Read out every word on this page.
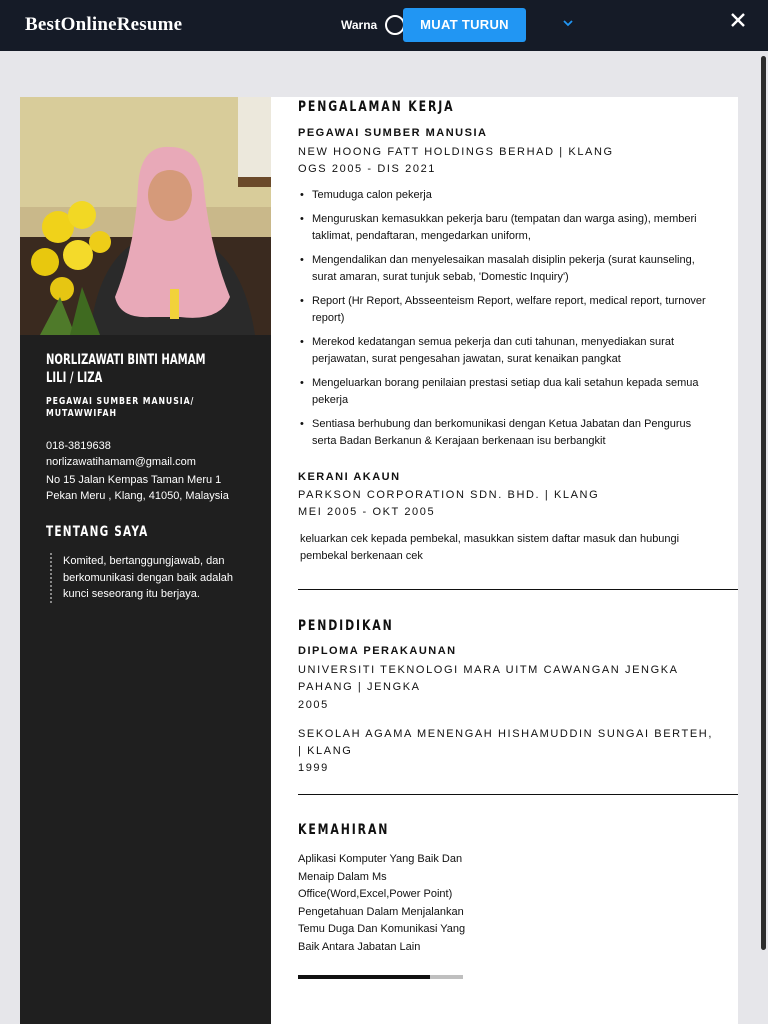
BestOnlineResume	Warna	MUAT TURUN
NORLIZAWATI BINTI HAMAM
LILI / LIZA
PEGAWAI SUMBER MANUSIA/
MUTAWWIFAH
018-3819638
norlizawatihamam@gmail.com
No 15 Jalan Kempas Taman Meru 1
Pekan Meru , Klang, 41050, Malaysia
TENTANG SAYA
Komited, bertanggungjawab, dan berkomunikasi dengan baik adalah kunci seseorang itu berjaya.
PENGALAMAN KERJA
PEGAWAI SUMBER MANUSIA
NEW HOONG FATT HOLDINGS BERHAD | KLANG
OGS 2005 - DIS 2021
• Temuduga calon pekerja
• Menguruskan kemasukkan pekerja baru (tempatan dan warga asing), memberi taklimat, pendaftaran, mengedarkan uniform,
• Mengendalikan dan menyelesaikan masalah disiplin pekerja (surat kaunseling, surat amaran, surat tunjuk sebab, 'Domestic Inquiry')
• Report (Hr Report, Absseenteism Report, welfare report, medical report, turnover report)
• Merekod kedatangan semua pekerja dan cuti tahunan, menyediakan surat perjawatan, surat pengesahan jawatan, surat kenaikan pangkat
• Mengeluarkan borang penilaian prestasi setiap dua kali setahun kepada semua pekerja
• Sentiasa berhubung dan berkomunikasi dengan Ketua Jabatan dan Pengurus serta Badan Berkanun & Kerajaan berkenaan isu berbangkit
KERANI AKAUN
PARKSON CORPORATION SDN. BHD. | KLANG
MEI 2005 - OKT 2005
keluarkan cek kepada pembekal, masukkan sistem daftar masuk dan hubungi pembekal berkenaan cek
PENDIDIKAN
DIPLOMA PERAKAUNAN
UNIVERSITI TEKNOLOGI MARA UITM CAWANGAN JENGKA
PAHANG | JENGKA
2005
SEKOLAH AGAMA MENENGAH HISHAMUDDIN SUNGAI BERTEH,
| KLANG
1999
KEMAHIRAN
Aplikasi Komputer Yang Baik Dan Menaip Dalam Ms Office(Word,Excel,Power Point) Pengetahuan Dalam Menjalankan Temu Duga Dan Komunikasi Yang Baik Antara Jabatan Lain
